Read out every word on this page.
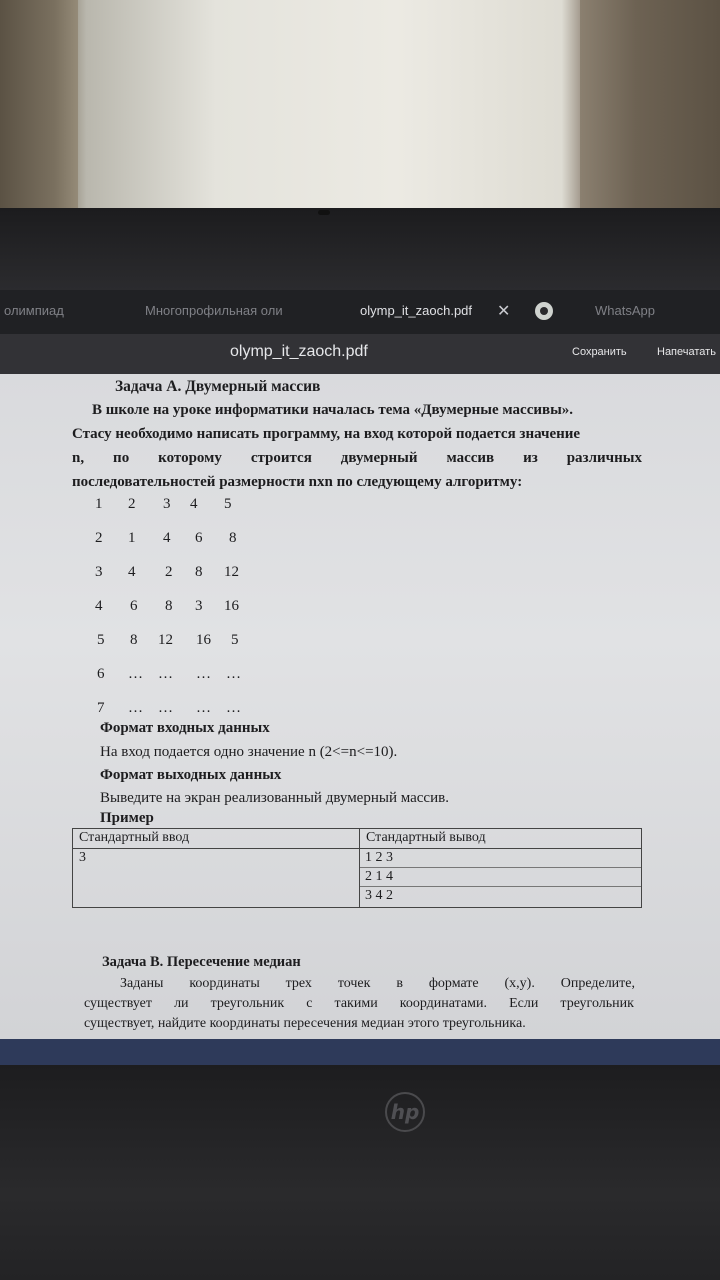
олимпиад	Многопрофильная оли	olymp_it_zaoch.pdf ✕	WhatsApp
olymp_it_zaoch.pdf	Сохранить	Напечатать
Задача А. Двумерный массив
В школе на уроке информатики началась тема «Двумерные массивы».
Стасу необходимо написать программу, на вход которой подается значение
n, по которому строится двумерный массив из различных
последовательностей размерности nxn по следующему алгоритму:
1 2 3 4 5
2 1 4 6 8
3 4 2 8 12
4 6 8 3 16
5 8 12 16 5
6 … … … …
7 … … … …
Формат входных данных
На вход подается одно значение n (2<=n<=10).
Формат выходных данных
Выведите на экран реализованный двумерный массив.
Пример
Стандартный ввод	Стандартный вывод
3	1 2 3
2 1 4
3 4 2
Задача B. Пересечение медиан
Заданы координаты трех точек в формате (x,y). Определите,
существует ли треугольник с такими координатами. Если треугольник
существует, найдите координаты пересечения медиан этого треугольника.
hp
